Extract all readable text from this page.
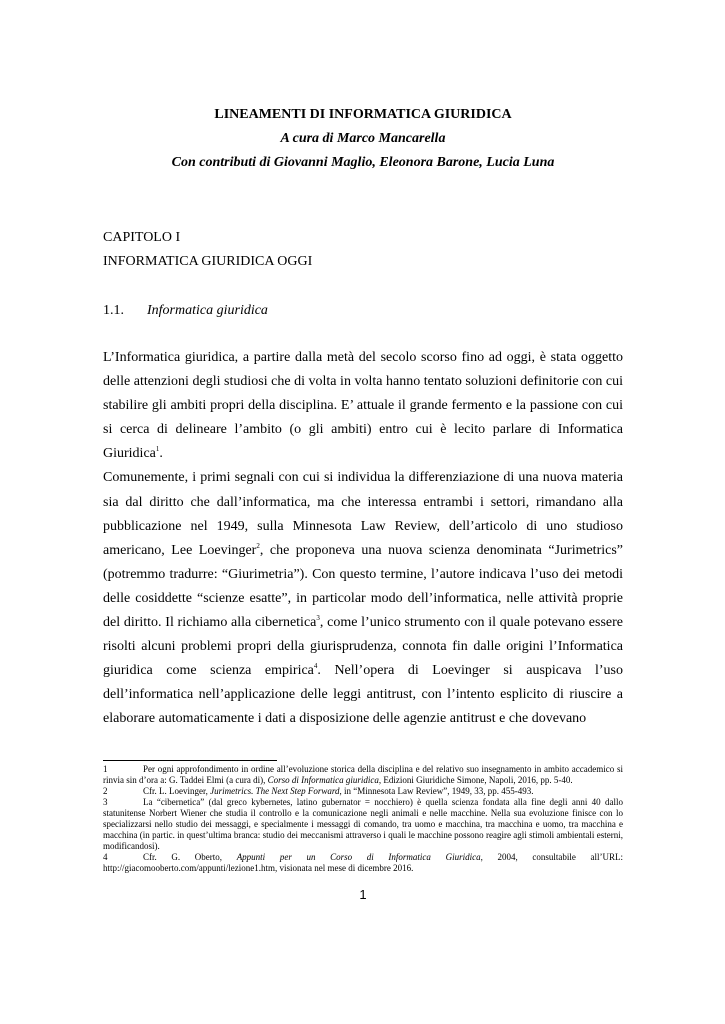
LINEAMENTI DI INFORMATICA GIURIDICA
A cura di Marco Mancarella
Con contributi di Giovanni Maglio, Eleonora Barone, Lucia Luna
CAPITOLO I
INFORMATICA GIURIDICA OGGI
1.1. Informatica giuridica

L’Informatica giuridica, a partire dalla metà del secolo scorso fino ad oggi, è stata oggetto delle attenzioni degli studiosi che di volta in volta hanno tentato soluzioni definitorie con cui stabilire gli ambiti propri della disciplina. E’ attuale il grande fermento e la passione con cui si cerca di delineare l’ambito (o gli ambiti) entro cui è lecito parlare di Informatica Giuridica$^1$.

Comunemente, i primi segnali con cui si individua la differenziazione di una nuova materia sia dal diritto che dall’informatica, ma che interessa entrambi i settori, rimandano alla pubblicazione nel 1949, sulla Minnesota Law Review, dell’articolo di uno studioso americano, Lee Loevinger$^2$, che proponeva una nuova scienza denominata “Jurimetrics” (potremmo tradurre: “Giurimetria”). Con questo termine, l’autore indicava l’uso dei metodi delle cosiddette “scienze esatte”, in particolar modo dell’informatica, nelle attività proprie del diritto. Il richiamo alla cibernetica$^3$, come l’unico strumento con il quale potevano essere risolti alcuni problemi propri della giurisprudenza, connota fin dalle origini l’Informatica giuridica come scienza empirica$^4$. Nell’opera di Loevinger si auspicava l’uso dell’informatica nell’applicazione delle leggi antitrust, con l’intento esplicito di riuscire a elaborare automaticamente i dati a disposizione delle agenzie antitrust e che dovevano

1	Per ogni approfondimento in ordine all’evoluzione storica della disciplina e del relativo suo insegnamento in ambito accademico si rinvia sin d’ora a: G. Taddei Elmi (a cura di), Corso di Informatica giuridica, Edizioni Giuridiche Simone, Napoli, 2016, pp. 5-40.

2	Cfr. L. Loevinger, Jurimetrics. The Next Step Forward, in “Minnesota Law Review”, 1949, 33, pp. 455-493.

3	La “cibernetica” (dal greco kybernetes, latino gubernator = nocchiero) è quella scienza fondata alla fine degli anni 40 dallo statunitense Norbert Wiener che studia il controllo e la comunicazione negli animali e nelle macchine. Nella sua evoluzione finisce con lo specializzarsi nello studio dei messaggi, e specialmente i messaggi di comando, tra uomo e macchina, tra macchina e uomo, tra macchina e macchina (in partic. in quest’ultima branca: studio dei meccanismi attraverso i quali le macchine possono reagire agli stimoli ambientali esterni, modificandosi).

4	Cfr. G. Oberto, Appunti per un Corso di Informatica Giuridica, 2004, consultabile all’URL: http://giacomooberto.com/appunti/lezione1.htm, visionata nel mese di dicembre 2016.

1
